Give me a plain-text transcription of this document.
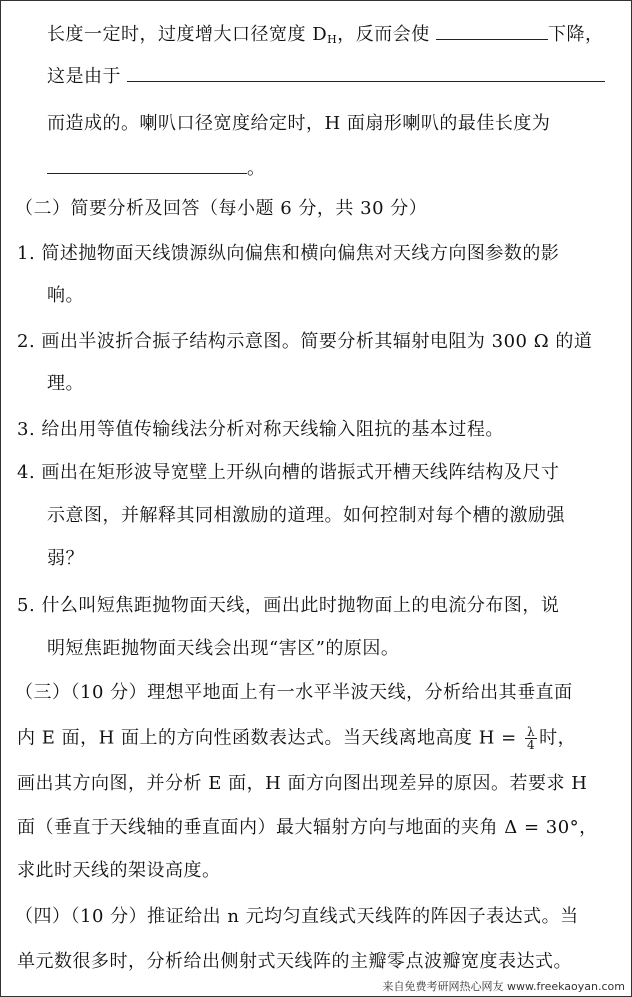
长度一定时，过度增大口径宽度 $D_H$，反而会使	下降，
这是由于
而造成的。喇叭口径宽度给定时，H 面扇形喇叭的最佳长度为
。
（二）简要分析及回答（每小题 6 分，共 30 分）
1. 简述抛物面天线馈源纵向偏焦和横向偏焦对天线方向图参数的影
响。
2. 画出半波折合振子结构示意图。简要分析其辐射电阻为 300 Ω 的道
理。
3. 给出用等值传输线法分析对称天线输入阻抗的基本过程。
4. 画出在矩形波导宽壁上开纵向槽的谐振式开槽天线阵结构及尺寸
示意图，并解释其同相激励的道理。如何控制对每个槽的激励强
弱？
5. 什么叫短焦距抛物面天线，画出此时抛物面上的电流分布图，说
明短焦距抛物面天线会出现“害区”的原因。
（三）（10 分）理想平地面上有一水平半波天线，分析给出其垂直面
内 E 面，H 面上的方向性函数表达式。当天线离地高度 $H = \frac{\lambda}{4}$ 时，
画出其方向图，并分析 E 面，H 面方向图出现差异的原因。若要求 H
面（垂直于天线轴的垂直面内）最大辐射方向与地面的夹角 Δ = 30°，
求此时天线的架设高度。
（四）（10 分）推证给出 n 元均匀直线式天线阵的阵因子表达式。当
单元数很多时，分析给出侧射式天线阵的主瓣零点波瓣宽度表达式。
来自免费考研网热心网友 www.freekaoyan.com
